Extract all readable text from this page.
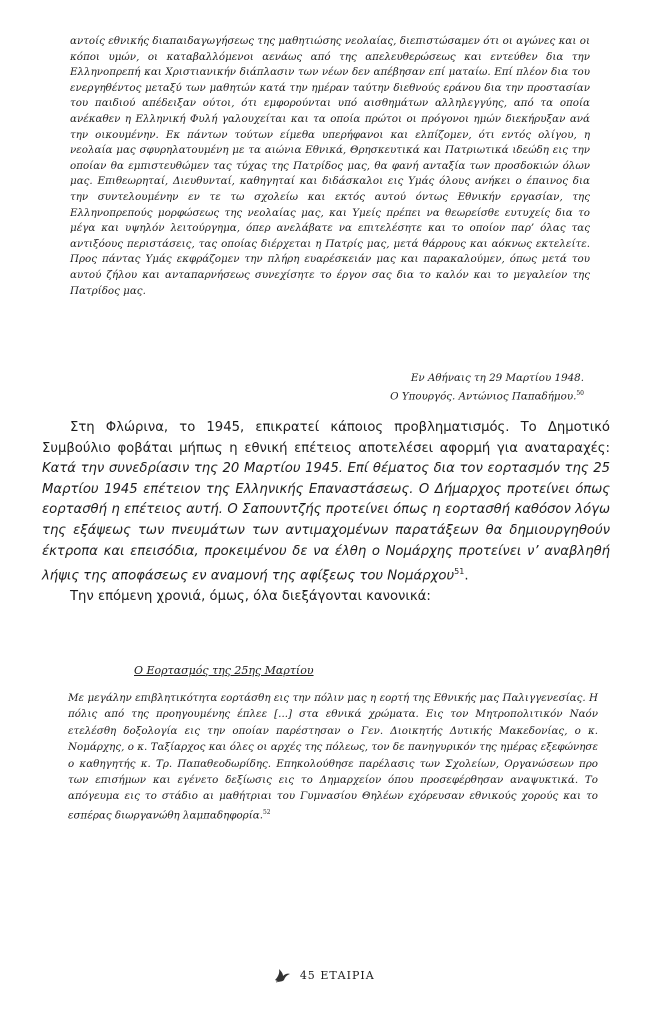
αντοίς εθνικής διαπαιδαγωγήσεως της μαθητιώσης νεολαίας, διεπιστώσαμεν ότι οι αγώνες και οι κόποι υμών, οι καταβαλλόμενοι αενάως από της απελευθερώσεως και εντεύθεν δια την Ελληνοπρεπή και Χριστιανικήν διάπλασιν των νέων δεν απέβησαν επί ματαίω. Επί πλέον δια του ενεργηθέντος μεταξύ των μαθητών κατά την ημέραν ταύτην διεθνούς εράνου δια την προστασίαν του παιδιού απέδειξαν ούτοι, ότι εμφορούνται υπό αισθημάτων αλληλεγγύης, από τα οποία ανέκαθεν η Ελληνική Φυλή γαλουχείται και τα οποία πρώτοι οι πρόγονοι ημών διεκήρυξαν ανά την οικουμένην. Εκ πάντων τούτων είμεθα υπερήφανοι και ελπίζομεν, ότι εντός ολίγου, η νεολαία μας σφυρηλατουμένη με τα αιώνια Εθνικά, Θρησκευτικά και Πατριωτικά ιδεώδη εις την οποίαν θα εμπιστευθώμεν τας τύχας της Πατρίδος μας, θα φανή ανταξία των προσδοκιών όλων μας. Επιθεωρηταί, Διευθυνταί, καθηγηταί και διδάσκαλοι εις Υμάς όλους ανήκει ο έπαινος δια την συντελουμένην εν τε τω σχολείω και εκτός αυτού όντως Εθνικήν εργασίαν, της Ελληνοπρεπούς μορφώσεως της νεολαίας μας, και Υμείς πρέπει να θεωρείσθε ευτυχείς δια το μέγα και υψηλόν λειτούργημα, όπερ ανελάβατε να επιτελέσητε και το οποίον παρ’ όλας τας αντιξόους περιστάσεις, τας οποίας διέρχεται η Πατρίς μας, μετά θάρρους και αόκνως εκτελείτε. Προς πάντας Υμάς εκφράζομεν την πλήρη ευαρέσκειάν μας και παρακαλούμεν, όπως μετά του αυτού ζήλου και ανταπαρνήσεως συνεχίσητε το έργον σας δια το καλόν και το μεγαλείον της Πατρίδος μας.

Εν Αθήναις τη 29 Μαρτίου 1948.
Ο Υπουργός. Αντώνιος Παπαδήμου.$^{50}$

Στη Φλώρινα, το 1945, επικρατεί κάποιος προβληματισμός. Το Δημοτικό Συμβούλιο φοβάται μήπως η εθνική επέτειος αποτελέσει αφορμή για αναταραχές: Κατά την συνεδρίασιν της 20 Μαρτίου 1945. Επί θέματος δια τον εορτασμόν της 25 Μαρτίου 1945 επέτειον της Ελληνικής Επαναστάσεως. Ο Δήμαρχος προτείνει όπως εορτασθή η επέτειος αυτή. Ο Σαπουντζής προτείνει όπως η εορτασθή καθόσον λόγω της εξάψεως των πνευμάτων των αντιμαχομένων παρατάξεων θα δημιουργηθούν έκτροπα και επεισόδια, προκειμένου δε να έλθη ο Νομάρχης προτείνει ν’ αναβληθή λήψις της αποφάσεως εν αναμονή της αφίξεως του Νομάρχου$^{51}$.

Την επόμενη χρονιά, όμως, όλα διεξάγονται κανονικά:

Ο Εορτασμός της 25ης Μαρτίου

Με μεγάλην επιβλητικότητα εορτάσθη εις την πόλιν μας η εορτή της Εθνικής μας Παλιγγενεσίας. Η πόλις από της προηγουμένης έπλεε [...] στα εθνικά χρώματα. Εις τον Μητροπολιτικόν Ναόν ετελέσθη δοξολογία εις την οποίαν παρέστησαν ο Γεν. Διοικητής Δυτικής Μακεδονίας, ο κ. Νομάρχης, ο κ. Ταξίαρχος και όλες οι αρχές της πόλεως, τον δε πανηγυρικόν της ημέρας εξεφώνησε ο καθηγητής κ. Τρ. Παπαθεοδωρίδης. Επηκολούθησε παρέλασις των Σχολείων, Οργανώσεων προ των επισήμων και εγένετο δεξίωσις εις το Δημαρχείον όπου προσεφέρθησαν αναψυκτικά. Το απόγευμα εις το στάδιο αι μαθήτριαι του Γυμνασίου Θηλέων εχόρευσαν εθνικούς χορούς και το εσπέρας διωργανώθη λαμπαδηφορία.$^{52}$

45 ΕΤΑΙΡΙΑ
